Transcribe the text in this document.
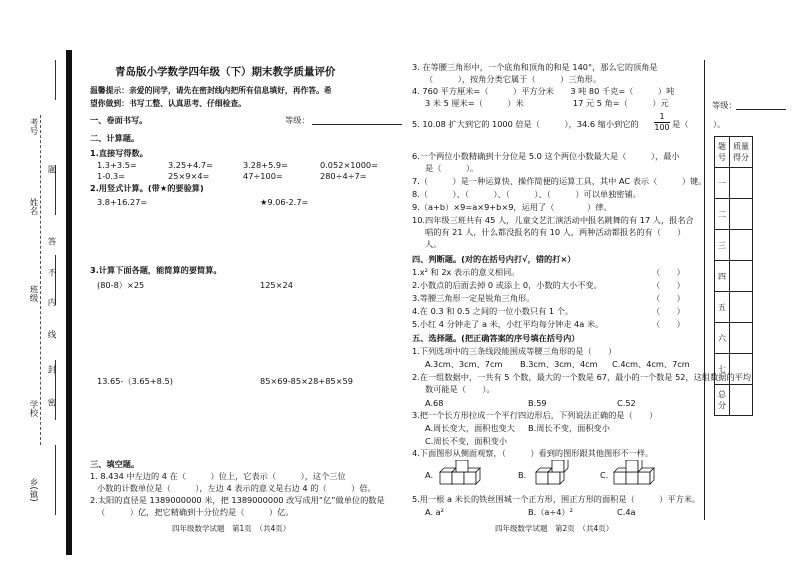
考号
题
姓名
答
不
班级
内
线
封
学校 密
乡(镇)
青岛版小学数学四年级（下）期末教学质量评价
温馨提示：亲爱的同学，请先在密封线内把所有信息填好，再作答。希
望你做到：书写工整、认真思考、仔细检查。
一、卷面书写。	等级：
二、计算题。
1.直接写得数。
1.3+3.5=	3.25+4.7=	3.28+5.9=	0.052×1000=
1-0.3=	25×9×4=	47÷100=	280÷4÷7=
2.用竖式计算。(带★的要验算)
3.8+16.27=	★9.06-2.7=
3.计算下面各题，能简算的要简算。
(80-8）×25	125×24
13.65-（3.65+8.5)	85×69-85×28+85×59
三、填空题。
1. 8.434 中左边的 4 在（　　　）位上，它表示（　　　），这个三位
小数的计数单位是（　　　），左边 4 表示的意义是右边 4 的（　　　）倍。
2.太阳的直径是 1389000000 米，把 1389000000 改写成用“亿”做单位的数是
（　　　）亿，把它精确到十分位约是（　　　）亿。
四年级数学试题　第1页　（共4页）
3. 在等腰三角形中，一个底角和顶角的和是 140°，那么它的顶角是
（　　　），按角分类它属于（　　　）三角形。
4. 760 平方厘米=（　　　）平方分米　　3 吨 80 千克=（　　　）吨
3 米 5 厘米=（　　　）米　　　　　　17 元 5 角=（　　　）元
5. 10.08 扩大到它的 1000 倍是（　　　），34.6 缩小到它的 $\frac{1}{100}$ 是（　　　）。
6.一个两位小数精确到十分位是 5.0 这个两位小数最大是（　　　），最小
是（　　　）。
7.（　　　）是一种运算快、操作简便的运算工具，其中 AC 表示（　　　）键。
8.（　　　）、（　　　）、（　　　）、（　　　）可以单独密铺。
9.（a+b）×9=a×9+b×9，运用了（　　　　）律。
10.四年级三班共有 45 人，儿童文艺汇演活动中报名跳舞的有 17 人，报名合
唱的有 21 人，什么都没报名的有 10 人，两种活动都报名的有（　　）
人。
四、判断题。(对的在括号内打√，错的打×）
1.x² 和 2x 表示的意义相同。	（　　）
2.小数点的后面去掉 0 或添上 0，小数的大小不变。	（　　）
3.等腰三角形一定是锐角三角形。	（　　）
4.在 0.3 和 0.5 之间的一位小数只有 1 个。	（　　）
5.小红 4 分钟走了 a 米，小红平均每分钟走 4a 米。	（　　）
五、选择题。(把正确答案的序号填在括号内）
1.下列选项中的三条线段能围成等腰三角形的是（　　）
A.3cm、3cm、7cm B.3cm、3cm、4cm C.4cm、4cm、7cm
2.在一组数据中，一共有 5 个数，最大的一个数是 67，最小的一个数是 52，这组数据的平均
数可能是（　　）。
A.68	B.59	C.52
3.把一个长方形拉成一个平行四边形后，下列说法正确的是（　　）
A.周长变大，面积也变大 B.周长不变，面积变小
C.周长不变，面积变小
4.下面图形从侧面观察，（　　　）看到的图形跟其他图形不一样。
A.	B.	C.
5.用一根 a 米长的铁丝围城一个正方形，围正方形的面积是（　　　）平方米。
A. a²	B.（a÷4）²	C.4a
四年级数学试题　第2页　（共4页）
等级：
题号	质量得分
一	
二	
三	
四	
五	
六	
七	
总分	
